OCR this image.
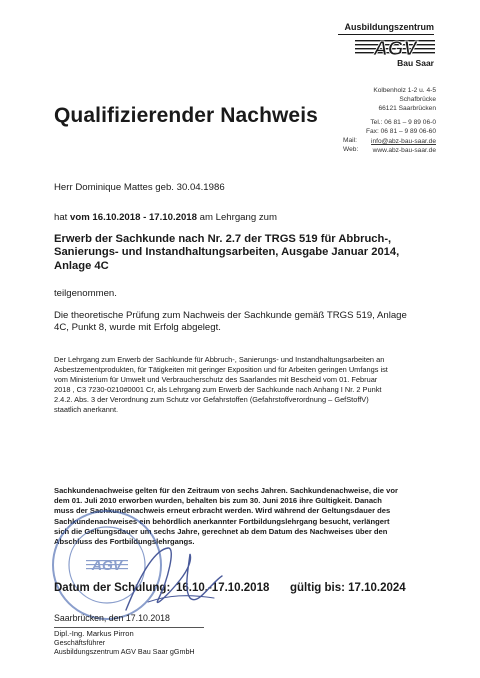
Ausbildungszentrum
AGV
Bau Saar
Kolbenholz 1-2 u. 4-5
Schafbrücke
66121 Saarbrücken
Tel.: 06 81 – 9 89 06-0
Fax: 06 81 – 9 89 06-60
Mail: info@abz-bau-saar.de
Web: www.abz-bau-saar.de
Qualifizierender Nachweis
Herr Dominique Mattes geb. 30.04.1986
hat vom 16.10.2018 - 17.10.2018 am Lehrgang zum
Erwerb der Sachkunde nach Nr. 2.7 der TRGS 519 für Abbruch-,
Sanierungs- und Instandhaltungsarbeiten, Ausgabe Januar 2014,
Anlage 4C
teilgenommen.
Die theoretische Prüfung zum Nachweis der Sachkunde gemäß TRGS 519, Anlage
4C, Punkt 8, wurde mit Erfolg abgelegt.
Der Lehrgang zum Erwerb der Sachkunde für Abbruch-, Sanierungs- und Instandhaltungsarbeiten an
Asbestzementprodukten, für Tätigkeiten mit geringer Exposition und für Arbeiten geringen Umfangs ist
vom Ministerium für Umwelt und Verbraucherschutz des Saarlandes mit Bescheid vom 01. Februar
2018 , C3 7230-0210#0001 Cr, als Lehrgang zum Erwerb der Sachkunde nach Anhang I Nr. 2 Punkt
2.4.2. Abs. 3 der Verordnung zum Schutz vor Gefahrstoffen (Gefahrstoffverordnung – GefStoffV)
staatlich anerkannt.
Sachkundenachweise gelten für den Zeitraum von sechs Jahren. Sachkundenachweise, die vor
dem 01. Juli 2010 erworben wurden, behalten bis zum 30. Juni 2016 ihre Gültigkeit. Danach
muss der Sachkundenachweis erneut erbracht werden. Wird während der Geltungsdauer des
Sachkundenachweises ein behördlich anerkannter Fortbildungslehrgang besucht, verlängert
sich die Geltungsdauer um sechs Jahre, gerechnet ab dem Datum des Nachweises über den
Abschluss des Fortbildungslehrgangs.
AGV
Datum der Schulung: 16.10.-17.10.2018 gültig bis: 17.10.2024
Saarbrücken, den 17.10.2018
Dipl.-Ing. Markus Pirron
Geschäftsführer
Ausbildungszentrum AGV Bau Saar gGmbH
